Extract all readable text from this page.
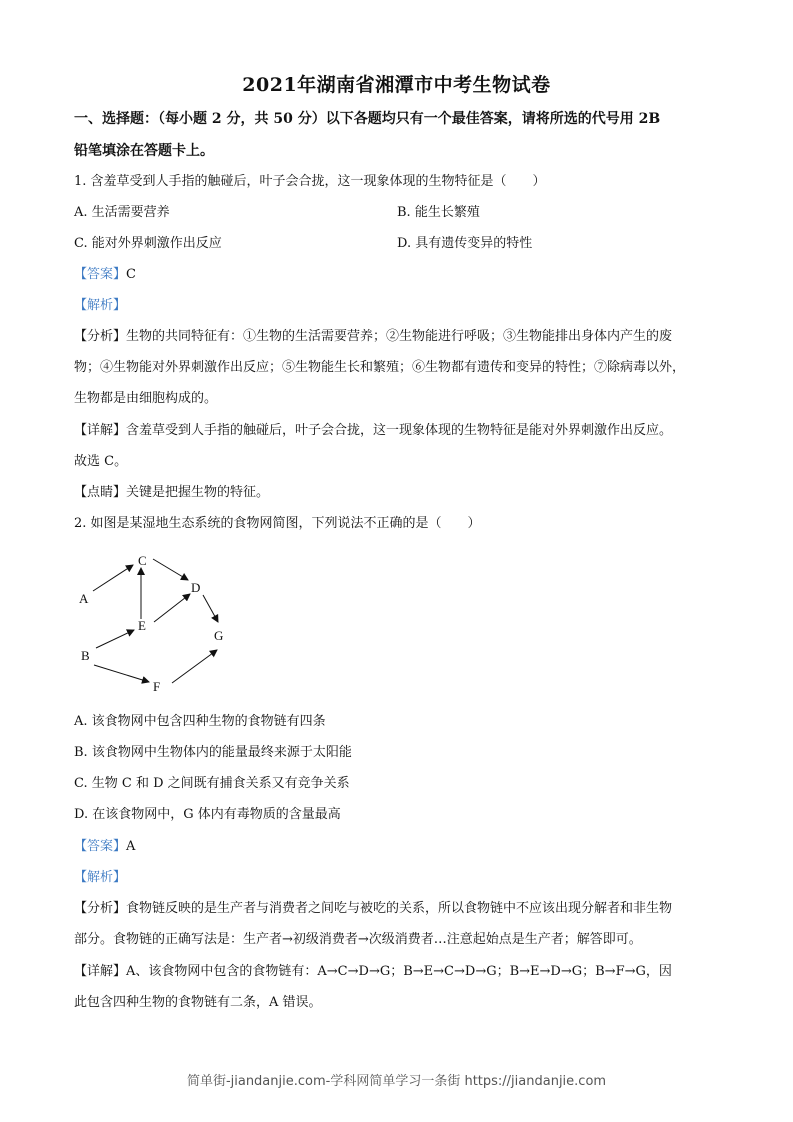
2021年湖南省湘潭市中考生物试卷
一、选择题：（每小题 2 分，共 50 分）以下各题均只有一个最佳答案，请将所选的代号用 2B
铅笔填涂在答题卡上。
1. 含羞草受到人手指的触碰后，叶子会合拢，这一现象体现的生物特征是（　　）
A. 生活需要营养	B. 能生长繁殖
C. 能对外界刺激作出反应	D. 具有遗传变异的特性
【答案】C
【解析】
【分析】生物的共同特征有：①生物的生活需要营养；②生物能进行呼吸；③生物能排出身体内产生的废
物；④生物能对外界刺激作出反应；⑤生物能生长和繁殖；⑥生物都有遗传和变异的特性；⑦除病毒以外，
生物都是由细胞构成的。
【详解】含羞草受到人手指的触碰后，叶子会合拢，这一现象体现的生物特征是能对外界刺激作出反应。
故选 C。
【点睛】关键是把握生物的特征。
2. 如图是某湿地生态系统的食物网简图，下列说法不正确的是（　　）
A
B
C
D
E
F
G
A. 该食物网中包含四种生物的食物链有四条
B. 该食物网中生物体内的能量最终来源于太阳能
C. 生物 C 和 D 之间既有捕食关系又有竞争关系
D. 在该食物网中，G 体内有毒物质的含量最高
【答案】A
【解析】
【分析】食物链反映的是生产者与消费者之间吃与被吃的关系，所以食物链中不应该出现分解者和非生物
部分。食物链的正确写法是：生产者→初级消费者→次级消费者…注意起始点是生产者；解答即可。
【详解】A、该食物网中包含的食物链有：A→C→D→G；B→E→C→D→G；B→E→D→G；B→F→G，因
此包含四种生物的食物链有二条，A 错误。
简单街-jiandanjie.com-学科网简单学习一条街 https://jiandanjie.com
